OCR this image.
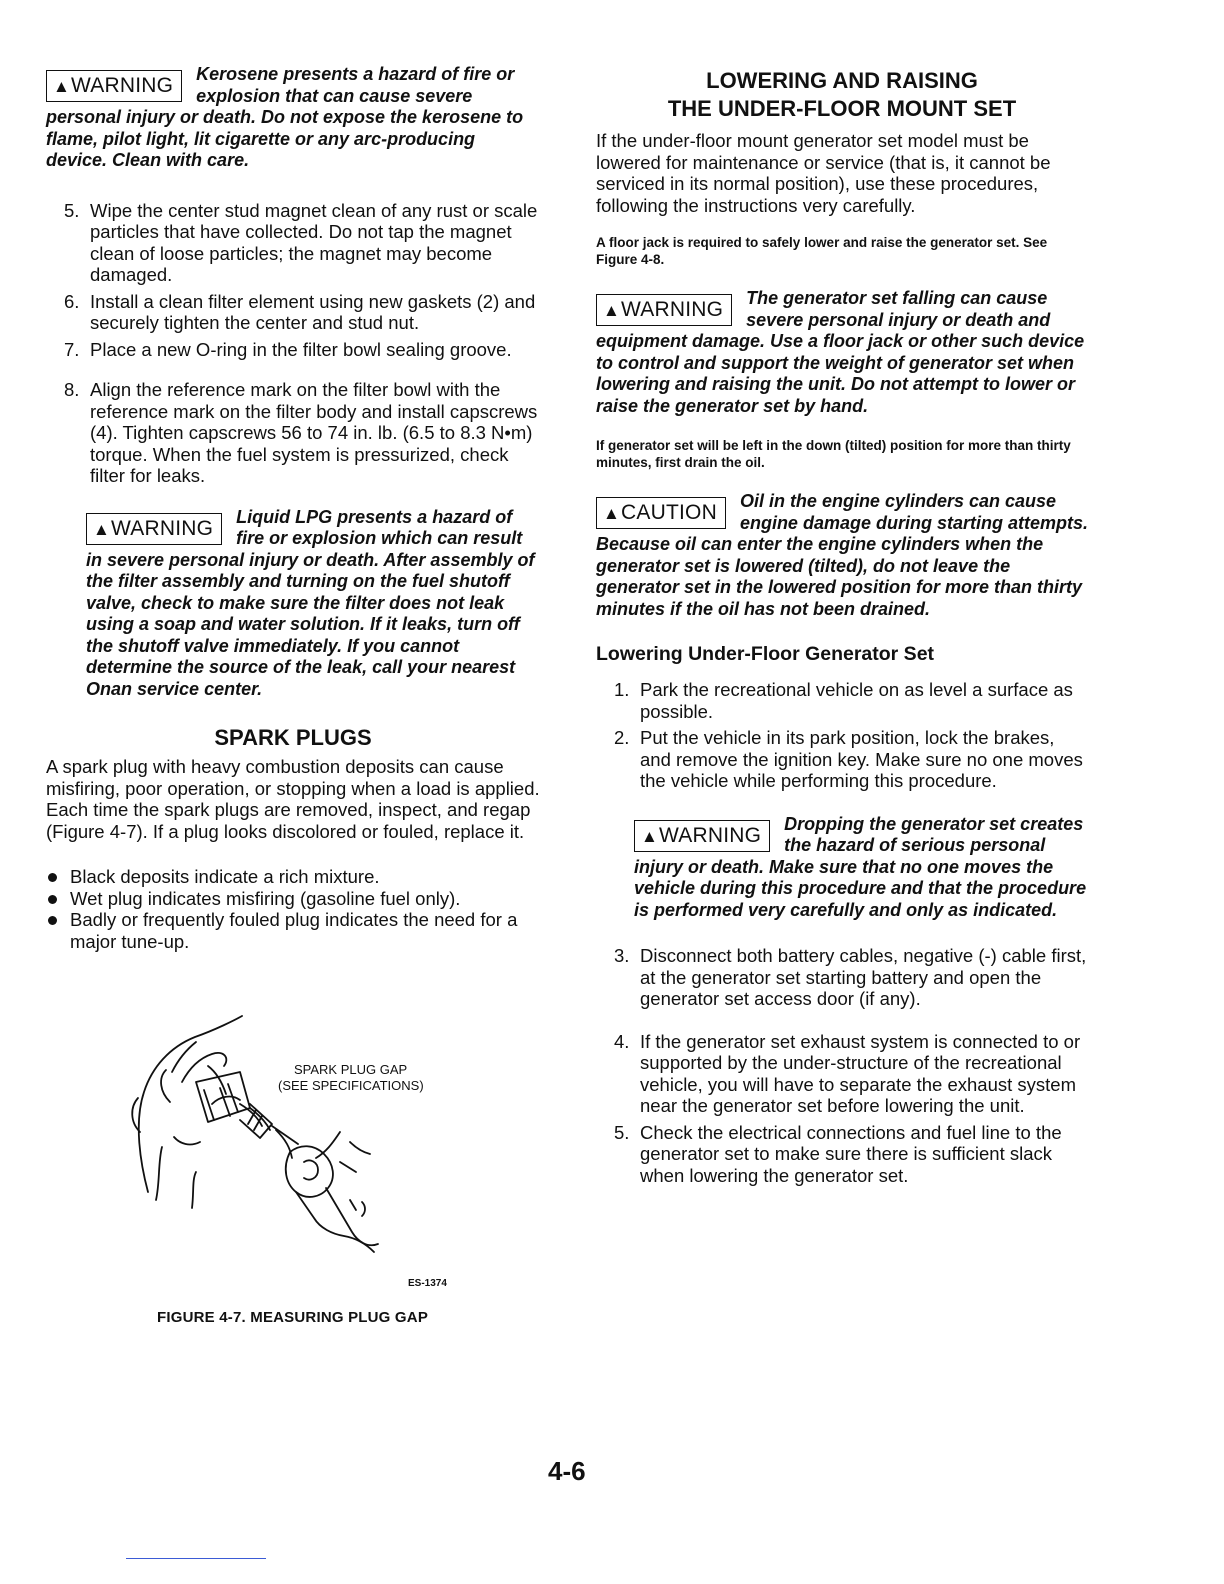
▲WARNING	Kerosene presents a hazard of fire or explosion that can cause severe personal injury or death. Do not expose the kerosene to flame, pilot light, lit cigarette or any arc-producing device. Clean with care.

5. Wipe the center stud magnet clean of any rust or scale particles that have collected. Do not tap the magnet clean of loose particles; the magnet may become damaged.
6. Install a clean filter element using new gaskets (2) and securely tighten the center and stud nut.
7. Place a new O-ring in the filter bowl sealing groove.
8. Align the reference mark on the filter bowl with the reference mark on the filter body and install capscrews (4). Tighten capscrews 56 to 74 in. lb. (6.5 to 8.3 N•m) torque. When the fuel system is pressurized, check filter for leaks.
▲WARNING	Liquid LPG presents a hazard of fire or explosion which can result in severe personal injury or death. After assembly of the filter assembly and turning on the fuel shutoff valve, check to make sure the filter does not leak using a soap and water solution. If it leaks, turn off the shutoff valve immediately. If you cannot determine the source of the leak, call your nearest Onan service center.

SPARK PLUGS

A spark plug with heavy combustion deposits can cause misfiring, poor operation, or stopping when a load is applied. Each time the spark plugs are removed, inspect, and regap (Figure 4-7). If a plug looks discolored or fouled, replace it.

Black deposits indicate a rich mixture.
Wet plug indicates misfiring (gasoline fuel only).
Badly or frequently fouled plug indicates the need for a major tune-up.
SPARK PLUG GAP
(SEE SPECIFICATIONS)
ES-1374
FIGURE 4-7. MEASURING PLUG GAP

LOWERING AND RAISING

THE UNDER-FLOOR MOUNT SET

If the under-floor mount generator set model must be lowered for maintenance or service (that is, it cannot be serviced in its normal position), use these procedures, following the instructions very carefully.

A floor jack is required to safely lower and raise the generator set. See Figure 4-8.

▲WARNING	The generator set falling can cause severe personal injury or death and equipment damage. Use a floor jack or other such device to control and support the weight of generator set when lowering and raising the unit. Do not attempt to lower or raise the generator set by hand.

If generator set will be left in the down (tilted) position for more than thirty minutes, first drain the oil.

▲CAUTION	Oil in the engine cylinders can cause engine damage during starting attempts. Because oil can enter the engine cylinders when the generator set is lowered (tilted), do not leave the generator set in the lowered position for more than thirty minutes if the oil has not been drained.

Lowering Under-Floor Generator Set

1. Park the recreational vehicle on as level a surface as possible.
2. Put the vehicle in its park position, lock the brakes, and remove the ignition key. Make sure no one moves the vehicle while performing this procedure.
▲WARNING	Dropping the generator set creates the hazard of serious personal injury or death. Make sure that no one moves the vehicle during this procedure and that the procedure is performed very carefully and only as indicated.

3. Disconnect both battery cables, negative (-) cable first, at the generator set starting battery and open the generator set access door (if any).
4. If the generator set exhaust system is connected to or supported by the under-structure of the recreational vehicle, you will have to separate the exhaust system near the generator set before lowering the unit.
5. Check the electrical connections and fuel line to the generator set to make sure there is sufficient slack when lowering the generator set.
4-6
